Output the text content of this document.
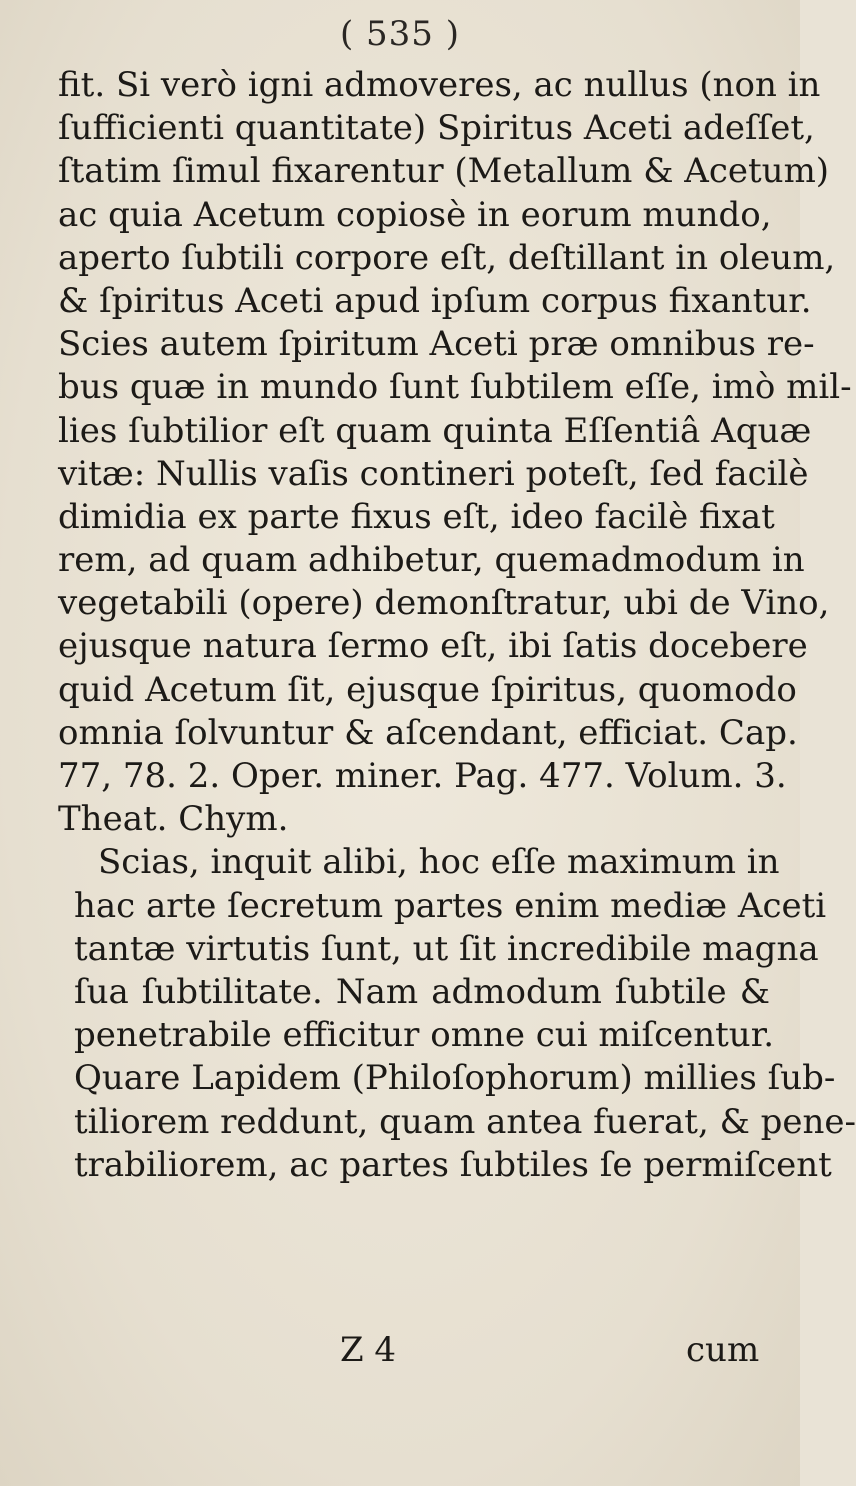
( 535 )
fit. Si verò igni admoveres, ac nullus (non in
ſufficienti quantitate) Spiritus Aceti adeſſet,
ſtatim ſimul fixarentur (Metallum & Acetum)
ac quia Acetum copiosè in eorum mundo,
aperto ſubtili corpore eſt, deſtillant in oleum,
& ſpiritus Aceti apud ipſum corpus fixantur.
Scies autem ſpiritum Aceti præ omnibus re-
bus quæ in mundo ſunt ſubtilem eſſe, imò mil-
lies ſubtilior eſt quam quinta Eſſentiâ Aquæ
vitæ: Nullis vaſis contineri poteſt, ſed facilè
dimidia ex parte fixus eſt, ideo facilè fixat
rem, ad quam adhibetur, quemadmodum in
vegetabili (opere) demonſtratur, ubi de Vino,
ejusque natura ſermo eſt, ibi ſatis docebere
quid Acetum ſit, ejusque ſpiritus, quomodo
omnia ſolvuntur & aſcendant, efficiat. Cap.
77, 78. 2. Oper. miner. Pag. 477. Volum. 3.
Theat. Chym.
Scias, inquit alibi, hoc eſſe maximum in
hac arte ſecretum partes enim mediæ Aceti
tantæ virtutis ſunt, ut ſit incredibile magna
ſua ſubtilitate. Nam admodum ſubtile &
penetrabile efficitur omne cui miſcentur.
Quare Lapidem (Philoſophorum) millies ſub-
tiliorem reddunt, quam antea fuerat, & pene-
trabiliorem, ac partes ſubtiles ſe permiſcent
Z 4	cum
